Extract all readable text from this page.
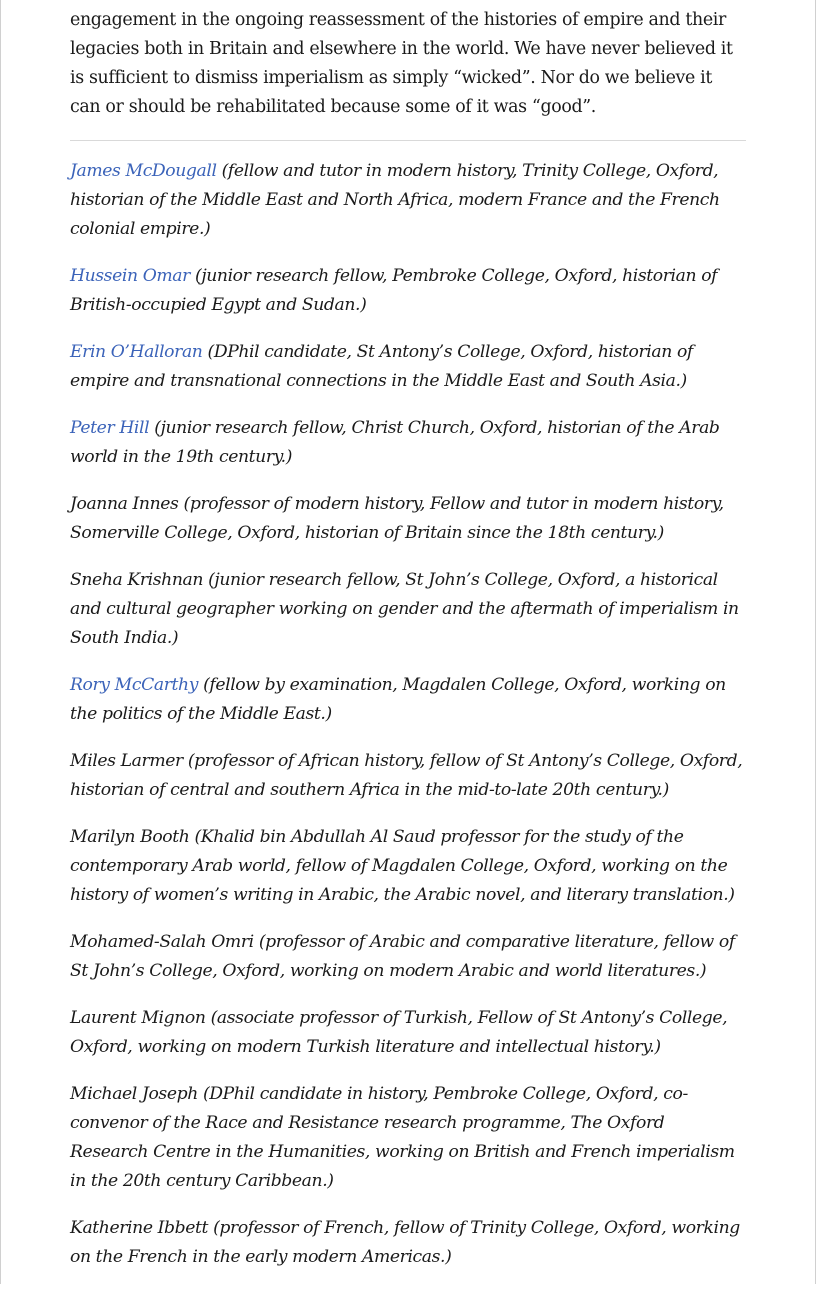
engagement in the ongoing reassessment of the histories of empire and their legacies both in Britain and elsewhere in the world. We have never believed it is sufficient to dismiss imperialism as simply “wicked”. Nor do we believe it can or should be rehabilitated because some of it was “good”.

James McDougall (fellow and tutor in modern history, Trinity College, Oxford, historian of the Middle East and North Africa, modern France and the French colonial empire.)

Hussein Omar (junior research fellow, Pembroke College, Oxford, historian of British-occupied Egypt and Sudan.)

Erin O’Halloran (DPhil candidate, St Antony’s College, Oxford, historian of empire and transnational connections in the Middle East and South Asia.)

Peter Hill (junior research fellow, Christ Church, Oxford, historian of the Arab world in the 19th century.)

Joanna Innes (professor of modern history, Fellow and tutor in modern history, Somerville College, Oxford, historian of Britain since the 18th century.)

Sneha Krishnan (junior research fellow, St John’s College, Oxford, a historical and cultural geographer working on gender and the aftermath of imperialism in South India.)

Rory McCarthy (fellow by examination, Magdalen College, Oxford, working on the politics of the Middle East.)

Miles Larmer (professor of African history, fellow of St Antony’s College, Oxford, historian of central and southern Africa in the mid-to-late 20th century.)

Marilyn Booth (Khalid bin Abdullah Al Saud professor for the study of the contemporary Arab world, fellow of Magdalen College, Oxford, working on the history of women’s writing in Arabic, the Arabic novel, and literary translation.)

Mohamed-Salah Omri (professor of Arabic and comparative literature, fellow of St John’s College, Oxford, working on modern Arabic and world literatures.)

Laurent Mignon (associate professor of Turkish, Fellow of St Antony’s College, Oxford, working on modern Turkish literature and intellectual history.)

Michael Joseph (DPhil candidate in history, Pembroke College, Oxford, co-convenor of the Race and Resistance research programme, The Oxford Research Centre in the Humanities, working on British and French imperialism in the 20th century Caribbean.)

Katherine Ibbett (professor of French, fellow of Trinity College, Oxford, working on the French in the early modern Americas.)
